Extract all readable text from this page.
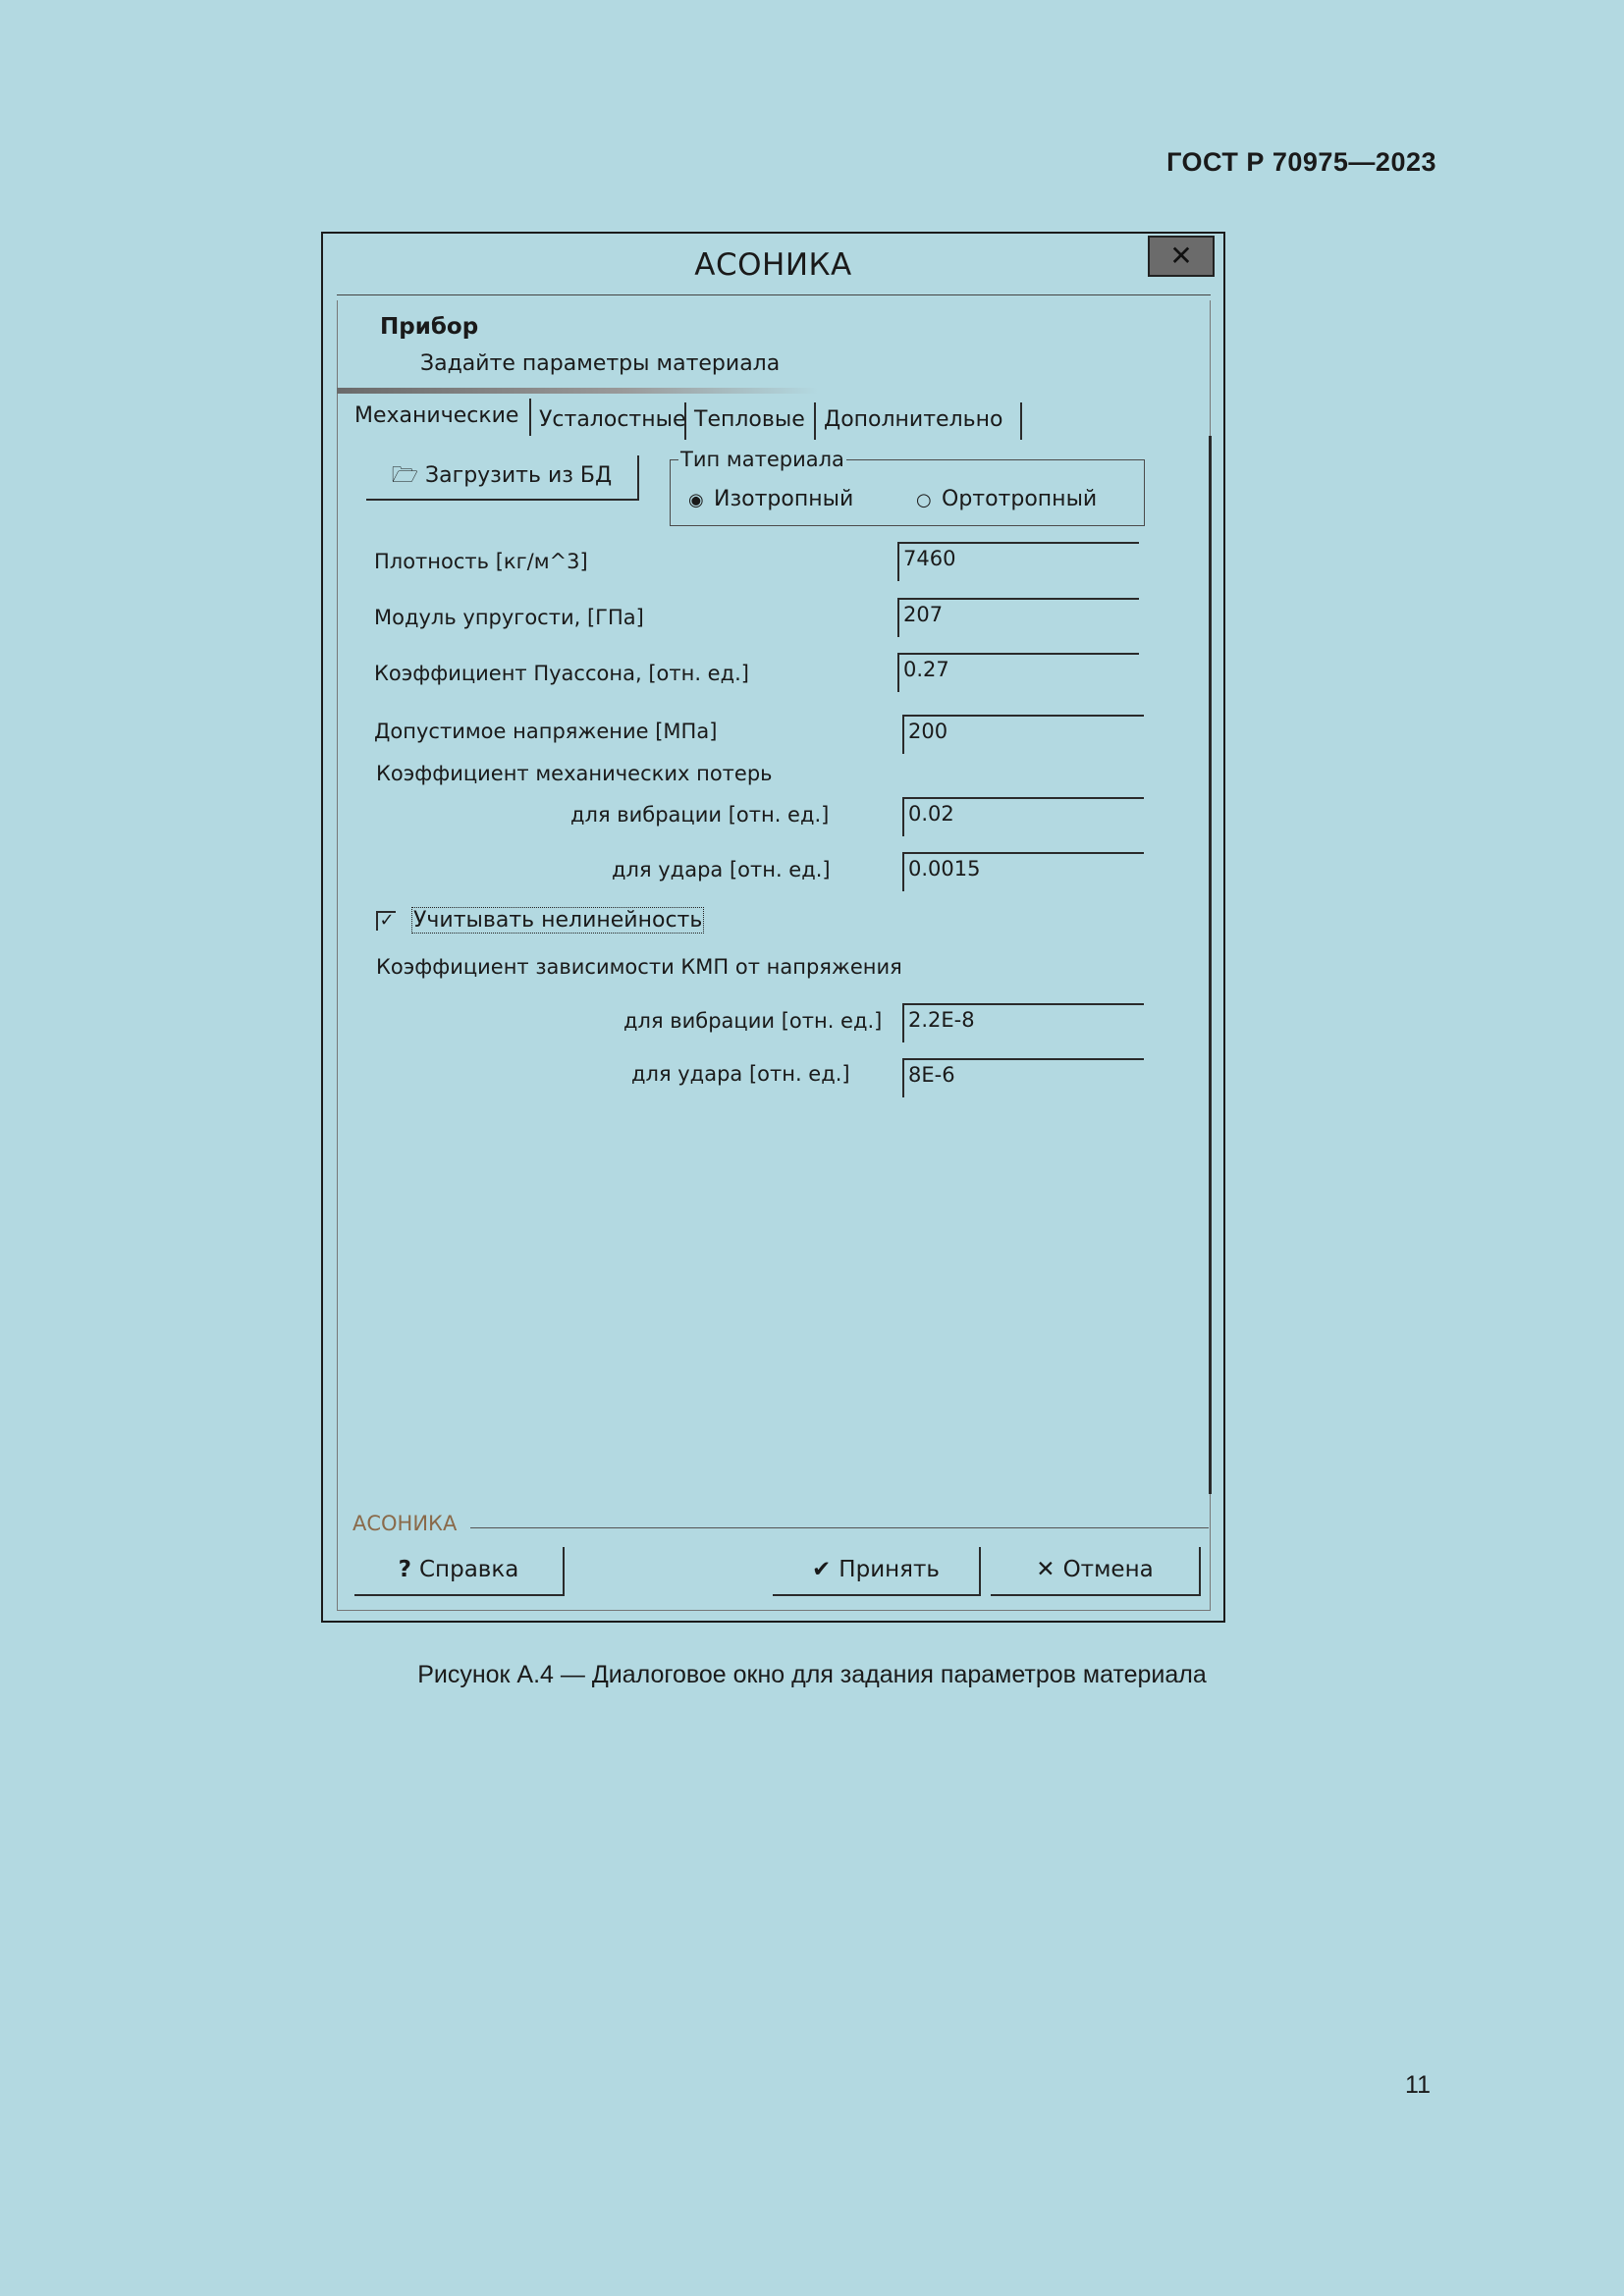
ГОСТ Р 70975—2023
АСОНИКА	✕
Прибор
Задайте параметры материала
Механические Усталостные Тепловые Дополнительно
🗁 Загрузить из БД
Тип материала
◉ Изотропный	○ Ортотропный
Плотность [кг/м^3]	7460
Модуль упругости, [ГПа]	207
Коэффициент Пуассона, [отн. ед.]	0.27
Допустимое напряжение [МПа]	200
Коэффициент механических потерь
для вибрации [отн. ед.]	0.02
для удара [отн. ед.]	0.0015
✓ Учитывать нелинейность
Коэффициент зависимости КМП от напряжения
для вибрации [отн. ед.] 2.2E-8
для удара [отн. ед.]	8E-6
АСОНИКА
? Справка	✔ Принять	✕ Отмена
Рисунок А.4 — Диалоговое окно для задания параметров материала
11
